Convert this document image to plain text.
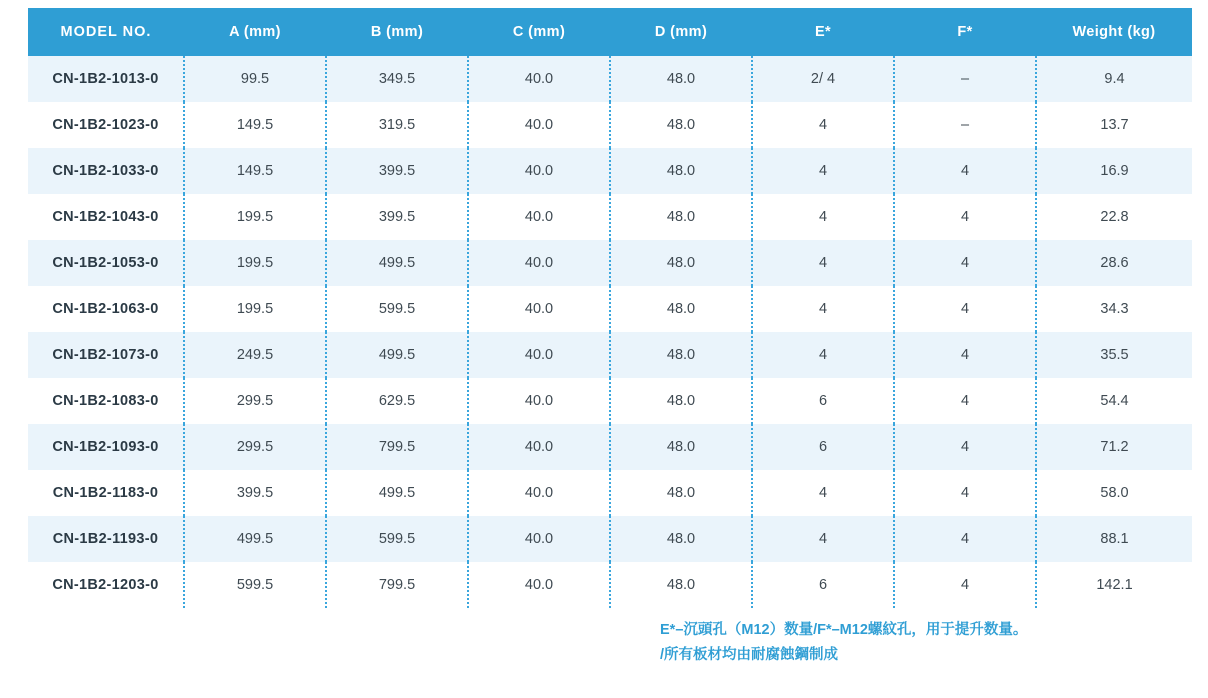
MODEL NO.	A (mm)	B (mm)	C (mm)	D (mm)	E*	F*	Weight (kg)
CN-1B2-1013-0	99.5	349.5	40.0	48.0	2/ 4	–	9.4
CN-1B2-1023-0	149.5	319.5	40.0	48.0	4	–	13.7
CN-1B2-1033-0	149.5	399.5	40.0	48.0	4	4	16.9
CN-1B2-1043-0	199.5	399.5	40.0	48.0	4	4	22.8
CN-1B2-1053-0	199.5	499.5	40.0	48.0	4	4	28.6
CN-1B2-1063-0	199.5	599.5	40.0	48.0	4	4	34.3
CN-1B2-1073-0	249.5	499.5	40.0	48.0	4	4	35.5
CN-1B2-1083-0	299.5	629.5	40.0	48.0	6	4	54.4
CN-1B2-1093-0	299.5	799.5	40.0	48.0	6	4	71.2
CN-1B2-1183-0	399.5	499.5	40.0	48.0	4	4	58.0
CN-1B2-1193-0	499.5	599.5	40.0	48.0	4	4	88.1
CN-1B2-1203-0	599.5	799.5	40.0	48.0	6	4	142.1
E*–沉頭孔（M12）数量/F*–M12螺紋孔，用于提升数量。
/所有板材均由耐腐蝕鋼制成
